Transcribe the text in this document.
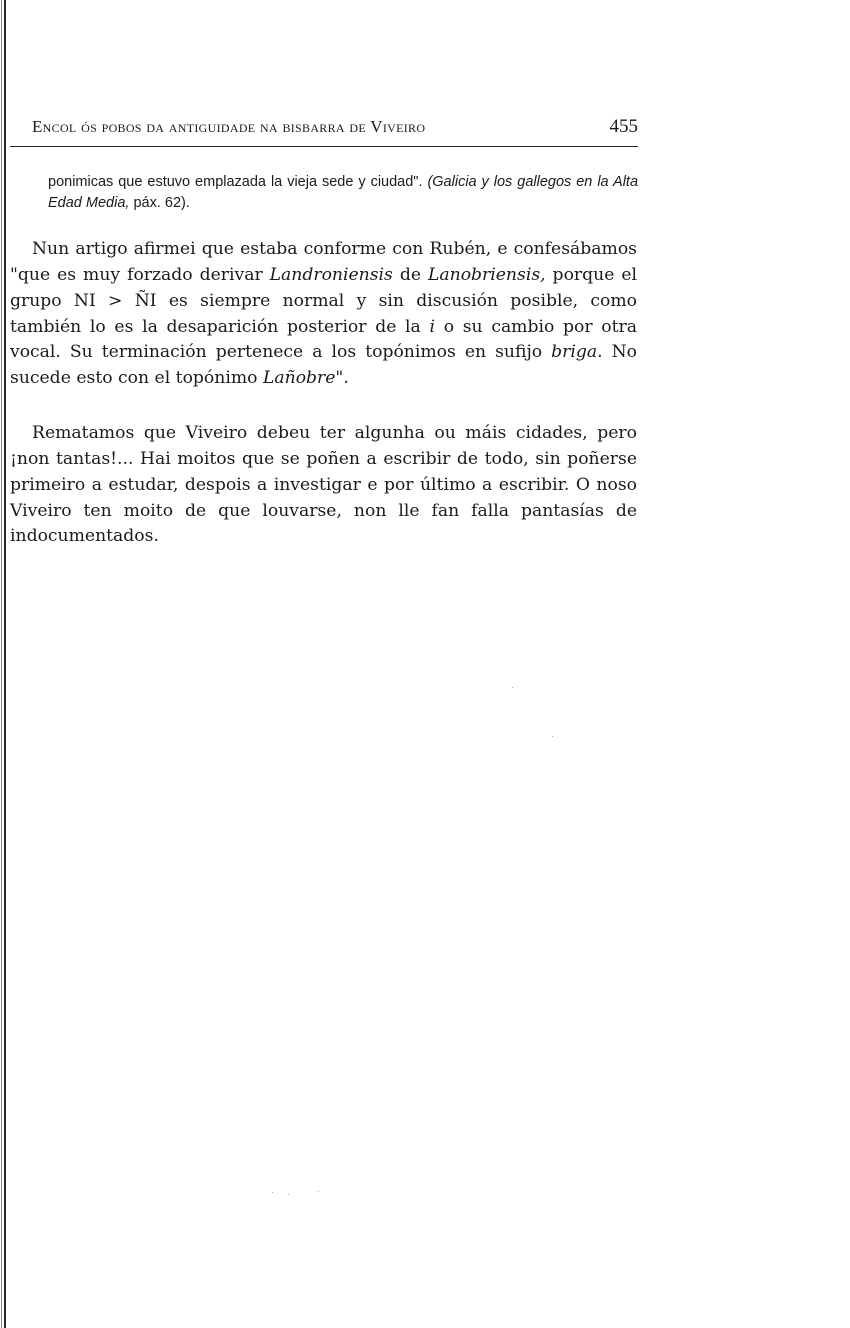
Encol ós pobos da antiguidade na bisbarra de Viveiro	455
ponimicas que estuvo emplazada la vieja sede y ciudad". (Galicia y los gallegos en la Alta Edad Media, páx. 62).

Nun artigo afirmei que estaba conforme con Rubén, e confesábamos "que es muy forzado derivar Landroniensis de Lanobriensis, porque el grupo NI > ÑI es siempre normal y sin discusión posible, como también lo es la desaparición posterior de la i o su cambio por otra vocal. Su terminación pertenece a los topónimos en sufijo briga. No sucede esto con el topónimo Lañobre".

Rematamos que Viveiro debeu ter algunha ou máis cidades, pero ¡non tantas!... Hai moitos que se poñen a escribir de todo, sin poñerse primeiro a estudar, despois a investigar e por último a escribir. O noso Viveiro ten moito de que louvarse, non lle fan falla pantasías de indocumentados.
